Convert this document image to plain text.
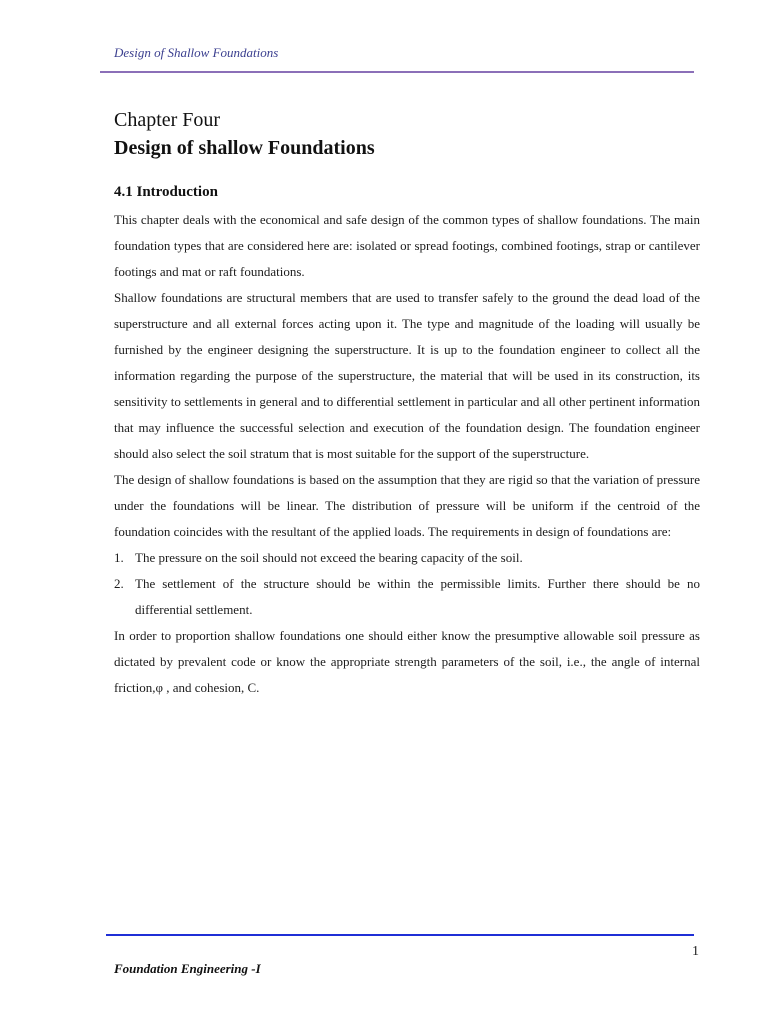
Design of Shallow Foundations
Chapter Four
Design of shallow Foundations
4.1 Introduction

This chapter deals with the economical and safe design of the common types of shallow foundations. The main foundation types that are considered here are: isolated or spread footings, combined footings, strap or cantilever footings and mat or raft foundations.

Shallow foundations are structural members that are used to transfer safely to the ground the dead load of the superstructure and all external forces acting upon it. The type and magnitude of the loading will usually be furnished by the engineer designing the superstructure. It is up to the foundation engineer to collect all the information regarding the purpose of the superstructure, the material that will be used in its construction, its sensitivity to settlements in general and to differential settlement in particular and all other pertinent information that may influence the successful selection and execution of the foundation design. The foundation engineer should also select the soil stratum that is most suitable for the support of the superstructure.

The design of shallow foundations is based on the assumption that they are rigid so that the variation of pressure under the foundations will be linear. The distribution of pressure will be uniform if the centroid of the foundation coincides with the resultant of the applied loads. The requirements in design of foundations are:

1. The pressure on the soil should not exceed the bearing capacity of the soil.
2. The settlement of the structure should be within the permissible limits. Further there should be no differential settlement.

In order to proportion shallow foundations one should either know the presumptive allowable soil pressure as dictated by prevalent code or know the appropriate strength parameters of the soil, i.e., the angle of internal friction,φ , and cohesion, C.

1
Foundation Engineering -I
